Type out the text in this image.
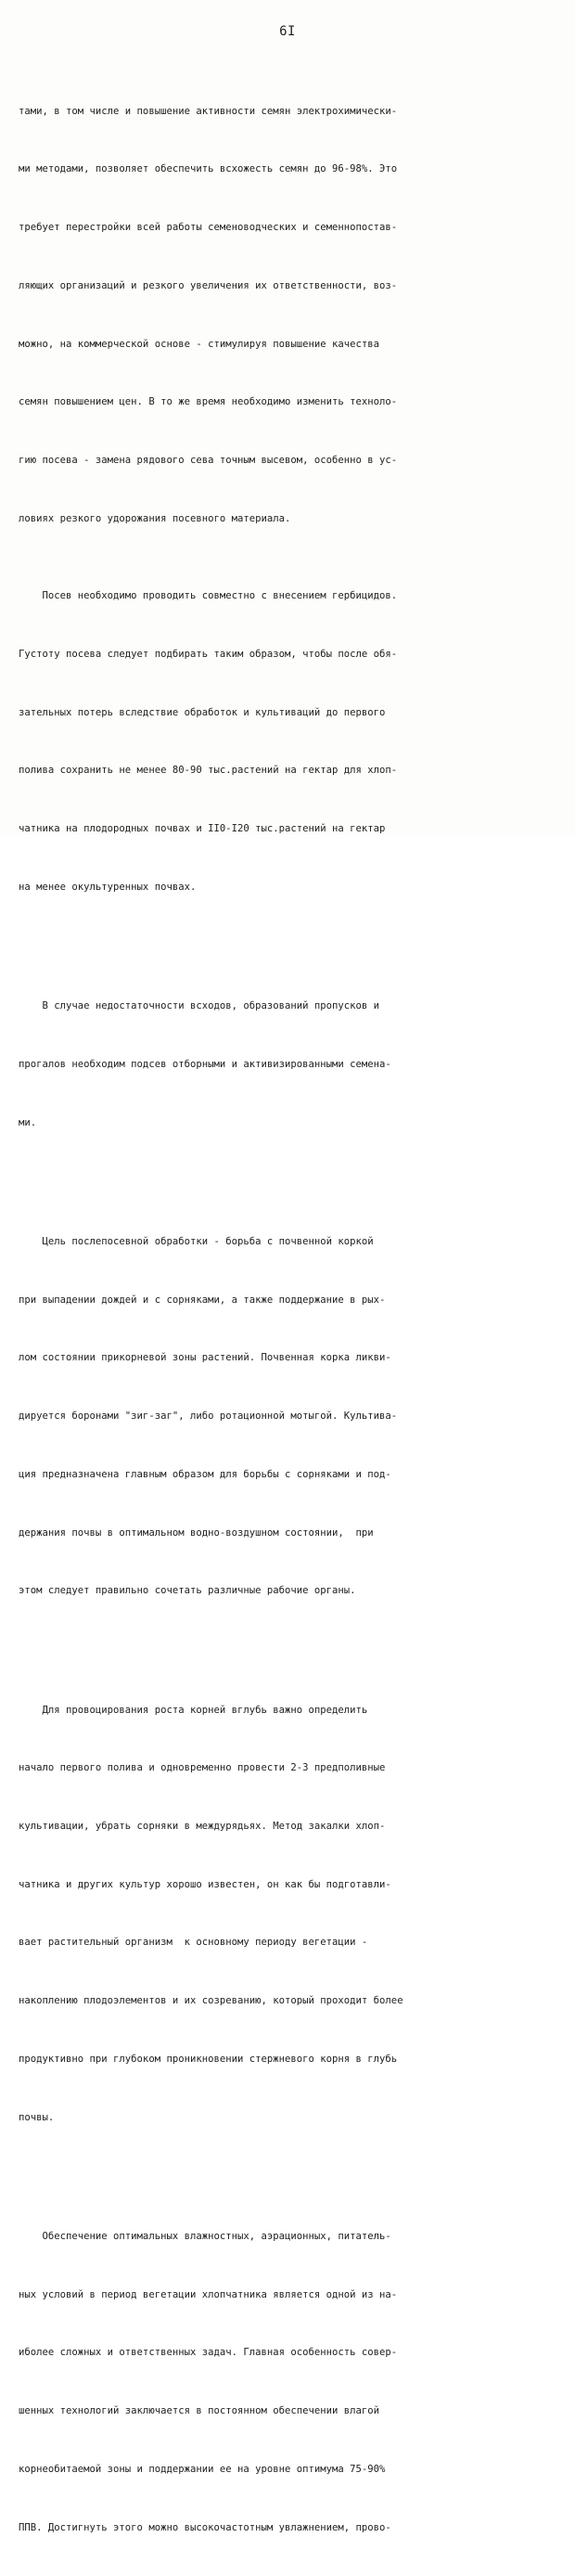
6I

тами, в том числе и повышение активности семян электрохимически-

ми методами, позволяет обеспечить всхожесть семян до 96-98%. Это

требует перестройки всей работы семеноводческих и семеннопостав-

ляющих организаций и резкого увеличения их ответственности, воз-

можно, на коммерческой основе - стимулируя повышение качества

семян повышением цен. В то же время необходимо изменить техноло-

гию посева - замена рядового сева точным высевом, особенно в ус-

ловиях резкого удорожания посевного материала.

Посев необходимо проводить совместно с внесением гербицидов.

Густоту посева следует подбирать таким образом, чтобы после обя-

зательных потерь вследствие обработок и культиваций до первого

полива сохранить не менее 80-90 тыс.растений на гектар для хлоп-

чатника на плодородных почвах и II0-I20 тыс.растений на гектар

на менее окультуренных почвах.

В случае недостаточности всходов, образований пропусков и

прогалов необходим подсев отборными и активизированными семена-

ми.

Цель послепосевной обработки - борьба с почвенной коркой

при выпадении дождей и с сорняками, а также поддержание в рых-

лом состоянии прикорневой зоны растений. Почвенная корка ликви-

дируется боронами "зиг-заг", либо ротационной мотыгой. Культива-

ция предназначена главным образом для борьбы с сорняками и под-

держания почвы в оптимальном водно-воздушном состоянии,  при

этом следует правильно сочетать различные рабочие органы.

Для провоцирования роста корней вглубь важно определить

начало первого полива и одновременно провести 2-3 предполивные

культивации, убрать сорняки в междурядьях. Метод закалки хлоп-

чатника и других культур хорошо известен, он как бы подготавли-

вает растительный организм  к основному периоду вегетации -

накоплению плодоэлементов и их созреванию, который проходит более

продуктивно при глубоком проникновении стержневого корня в глубь

почвы.

Обеспечение оптимальных влажностных, аэрационных, питатель-

ных условий в период вегетации хлопчатника является одной из на-

иболее сложных и ответственных задач. Главная особенность совер-

шенных технологий заключается в постоянном обеспечении влагой

корнеобитаемой зоны и поддержании ее на уровне оптимума 75-90%

ППВ. Достигнуть этого можно высокочастотным увлажнением, прово-
